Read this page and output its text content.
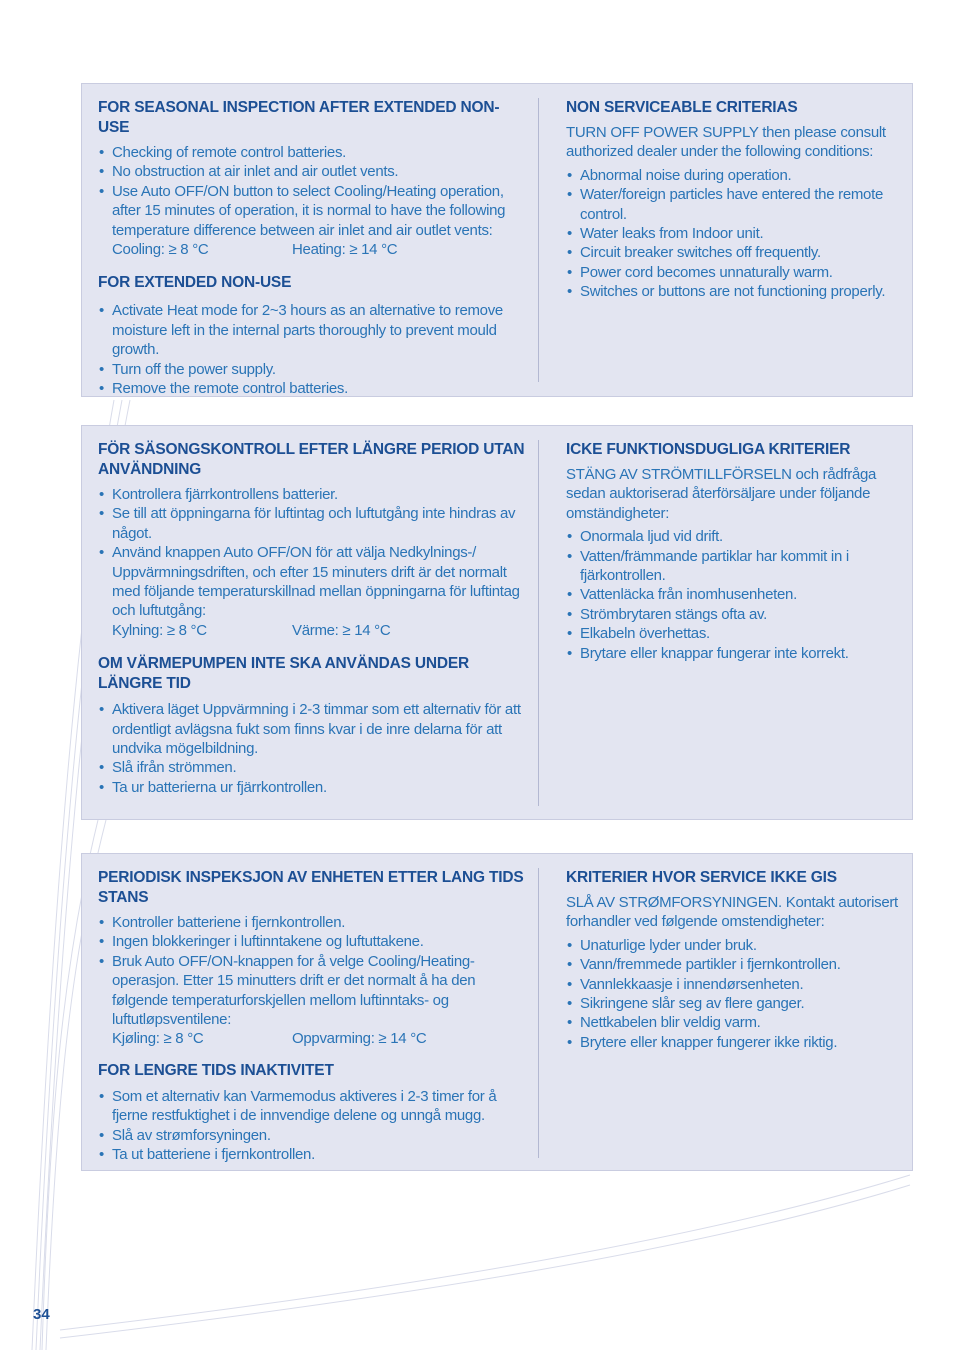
FOR SEASONAL INSPECTION AFTER EXTENDED NON-USE
• Checking of remote control batteries.
• No obstruction at air inlet and air outlet vents.
• Use Auto OFF/ON button to select Cooling/Heating operation, after 15 minutes of operation, it is normal to have the following temperature difference between air inlet and air outlet vents:
Cooling: ≥ 8 °C	Heating: ≥ 14 °C
FOR EXTENDED NON-USE
• Activate Heat mode for 2~3 hours as an alternative to remove moisture left in the internal parts thoroughly to prevent mould growth.
• Turn off the power supply.
• Remove the remote control batteries.
NON SERVICEABLE CRITERIAS

TURN OFF POWER SUPPLY then please consult authorized dealer under the following conditions:

• Abnormal noise during operation.
• Water/foreign particles have entered the remote control.
• Water leaks from Indoor unit.
• Circuit breaker switches off frequently.
• Power cord becomes unnaturally warm.
• Switches or buttons are not functioning properly.
FÖR SÄSONGSKONTROLL EFTER LÄNGRE PERIOD UTAN ANVÄNDNING
• Kontrollera fjärrkontrollens batterier.
• Se till att öppningarna för luftintag och luftutgång inte hindras av något.
• Använd knappen Auto OFF/ON för att välja Nedkylnings-/ Uppvärmningsdriften, och efter 15 minuters drift är det normalt med följande temperaturskillnad mellan öppningarna för luftintag och luftutgång:
Kylning: ≥ 8 °C	Värme: ≥ 14 °C
OM VÄRMEPUMPEN INTE SKA ANVÄNDAS UNDER LÄNGRE TID
• Aktivera läget Uppvärmning i 2-3 timmar som ett alternativ för att ordentligt avlägsna fukt som finns kvar i de inre delarna för att undvika mögelbildning.
• Slå ifrån strömmen.
• Ta ur batterierna ur fjärrkontrollen.
ICKE FUNKTIONSDUGLIGA KRITERIER

STÄNG AV STRÖMTILLFÖRSELN och rådfråga sedan auktoriserad återförsäljare under följande omständigheter:

• Onormala ljud vid drift.
• Vatten/främmande partiklar har kommit in i fjärkontrollen.
• Vattenläcka från inomhusenheten.
• Strömbrytaren stängs ofta av.
• Elkabeln överhettas.
• Brytare eller knappar fungerar inte korrekt.
PERIODISK INSPEKSJON AV ENHETEN ETTER LANG TIDS STANS
• Kontroller batteriene i fjernkontrollen.
• Ingen blokkeringer i luftinntakene og luftuttakene.
• Bruk Auto OFF/ON-knappen for å velge Cooling/Heating- operasjon. Etter 15 minutters drift er det normalt å ha den følgende temperaturforskjellen mellom luftinntaks- og luftutløpsventilene:
Kjøling: ≥ 8 °C	Oppvarming: ≥ 14 °C
FOR LENGRE TIDS INAKTIVITET
• Som et alternativ kan Varmemodus aktiveres i 2-3 timer for å fjerne restfuktighet i de innvendige delene og unngå mugg.
• Slå av strømforsyningen.
• Ta ut batteriene i fjernkontrollen.
KRITERIER HVOR SERVICE IKKE GIS

SLÅ AV STRØMFORSYNINGEN. Kontakt autorisert forhandler ved følgende omstendigheter:

• Unaturlige lyder under bruk.
• Vann/fremmede partikler i fjernkontrollen.
• Vannlekkaasje i innendørsenheten.
• Sikringene slår seg av flere ganger.
• Nettkabelen blir veldig varm.
• Brytere eller knapper fungerer ikke riktig.
34
